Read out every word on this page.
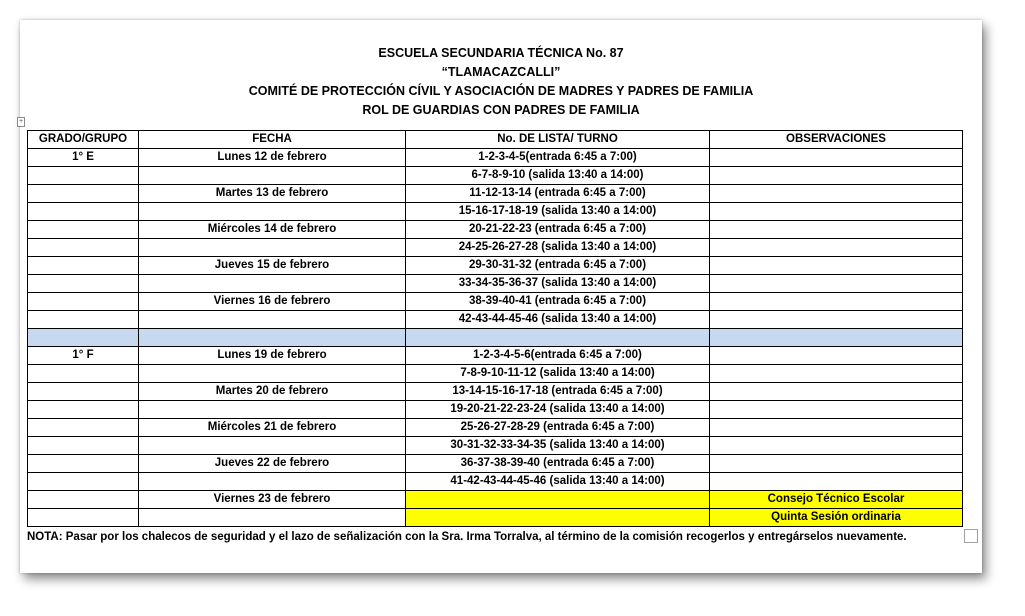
ESCUELA SECUNDARIA TÉCNICA No. 87
“TLAMACAZCALLI”
COMITÉ DE PROTECCIÓN CÍVIL Y ASOCIACIÓN DE MADRES Y PADRES DE FAMILIA
ROL DE GUARDIAS CON PADRES DE FAMILIA
+
GRADO/GRUPO	FECHA	No. DE LISTA/ TURNO	OBSERVACIONES
1° E	Lunes 12 de febrero	1-2-3-4-5(entrada 6:45 a 7:00)	
		6-7-8-9-10 (salida 13:40 a 14:00)	
	Martes 13 de febrero	11-12-13-14 (entrada 6:45 a 7:00)	
		15-16-17-18-19 (salida 13:40 a 14:00)	
	Miércoles 14 de febrero	20-21-22-23 (entrada 6:45 a 7:00)	
		24-25-26-27-28 (salida 13:40 a 14:00)	
	Jueves 15 de febrero	29-30-31-32 (entrada 6:45 a 7:00)	
		33-34-35-36-37 (salida 13:40 a 14:00)	
	Viernes 16 de febrero	38-39-40-41 (entrada 6:45 a 7:00)	
		42-43-44-45-46 (salida 13:40 a 14:00)	

1° F	Lunes 19 de febrero	1-2-3-4-5-6(entrada 6:45 a 7:00)	
		7-8-9-10-11-12 (salida 13:40 a 14:00)	
	Martes 20 de febrero	13-14-15-16-17-18 (entrada 6:45 a 7:00)	
		19-20-21-22-23-24 (salida 13:40 a 14:00)	
	Miércoles 21 de febrero	25-26-27-28-29 (entrada 6:45 a 7:00)	
		30-31-32-33-34-35 (salida 13:40 a 14:00)	
	Jueves 22 de febrero	36-37-38-39-40 (entrada 6:45 a 7:00)	
		41-42-43-44-45-46 (salida 13:40 a 14:00)	
	Viernes 23 de febrero		Consejo Técnico Escolar
			Quinta Sesión ordinaria
NOTA: Pasar por los chalecos de seguridad y el lazo de señalización con la Sra. Irma Torralva, al término de la comisión recogerlos y entregárselos nuevamente.
